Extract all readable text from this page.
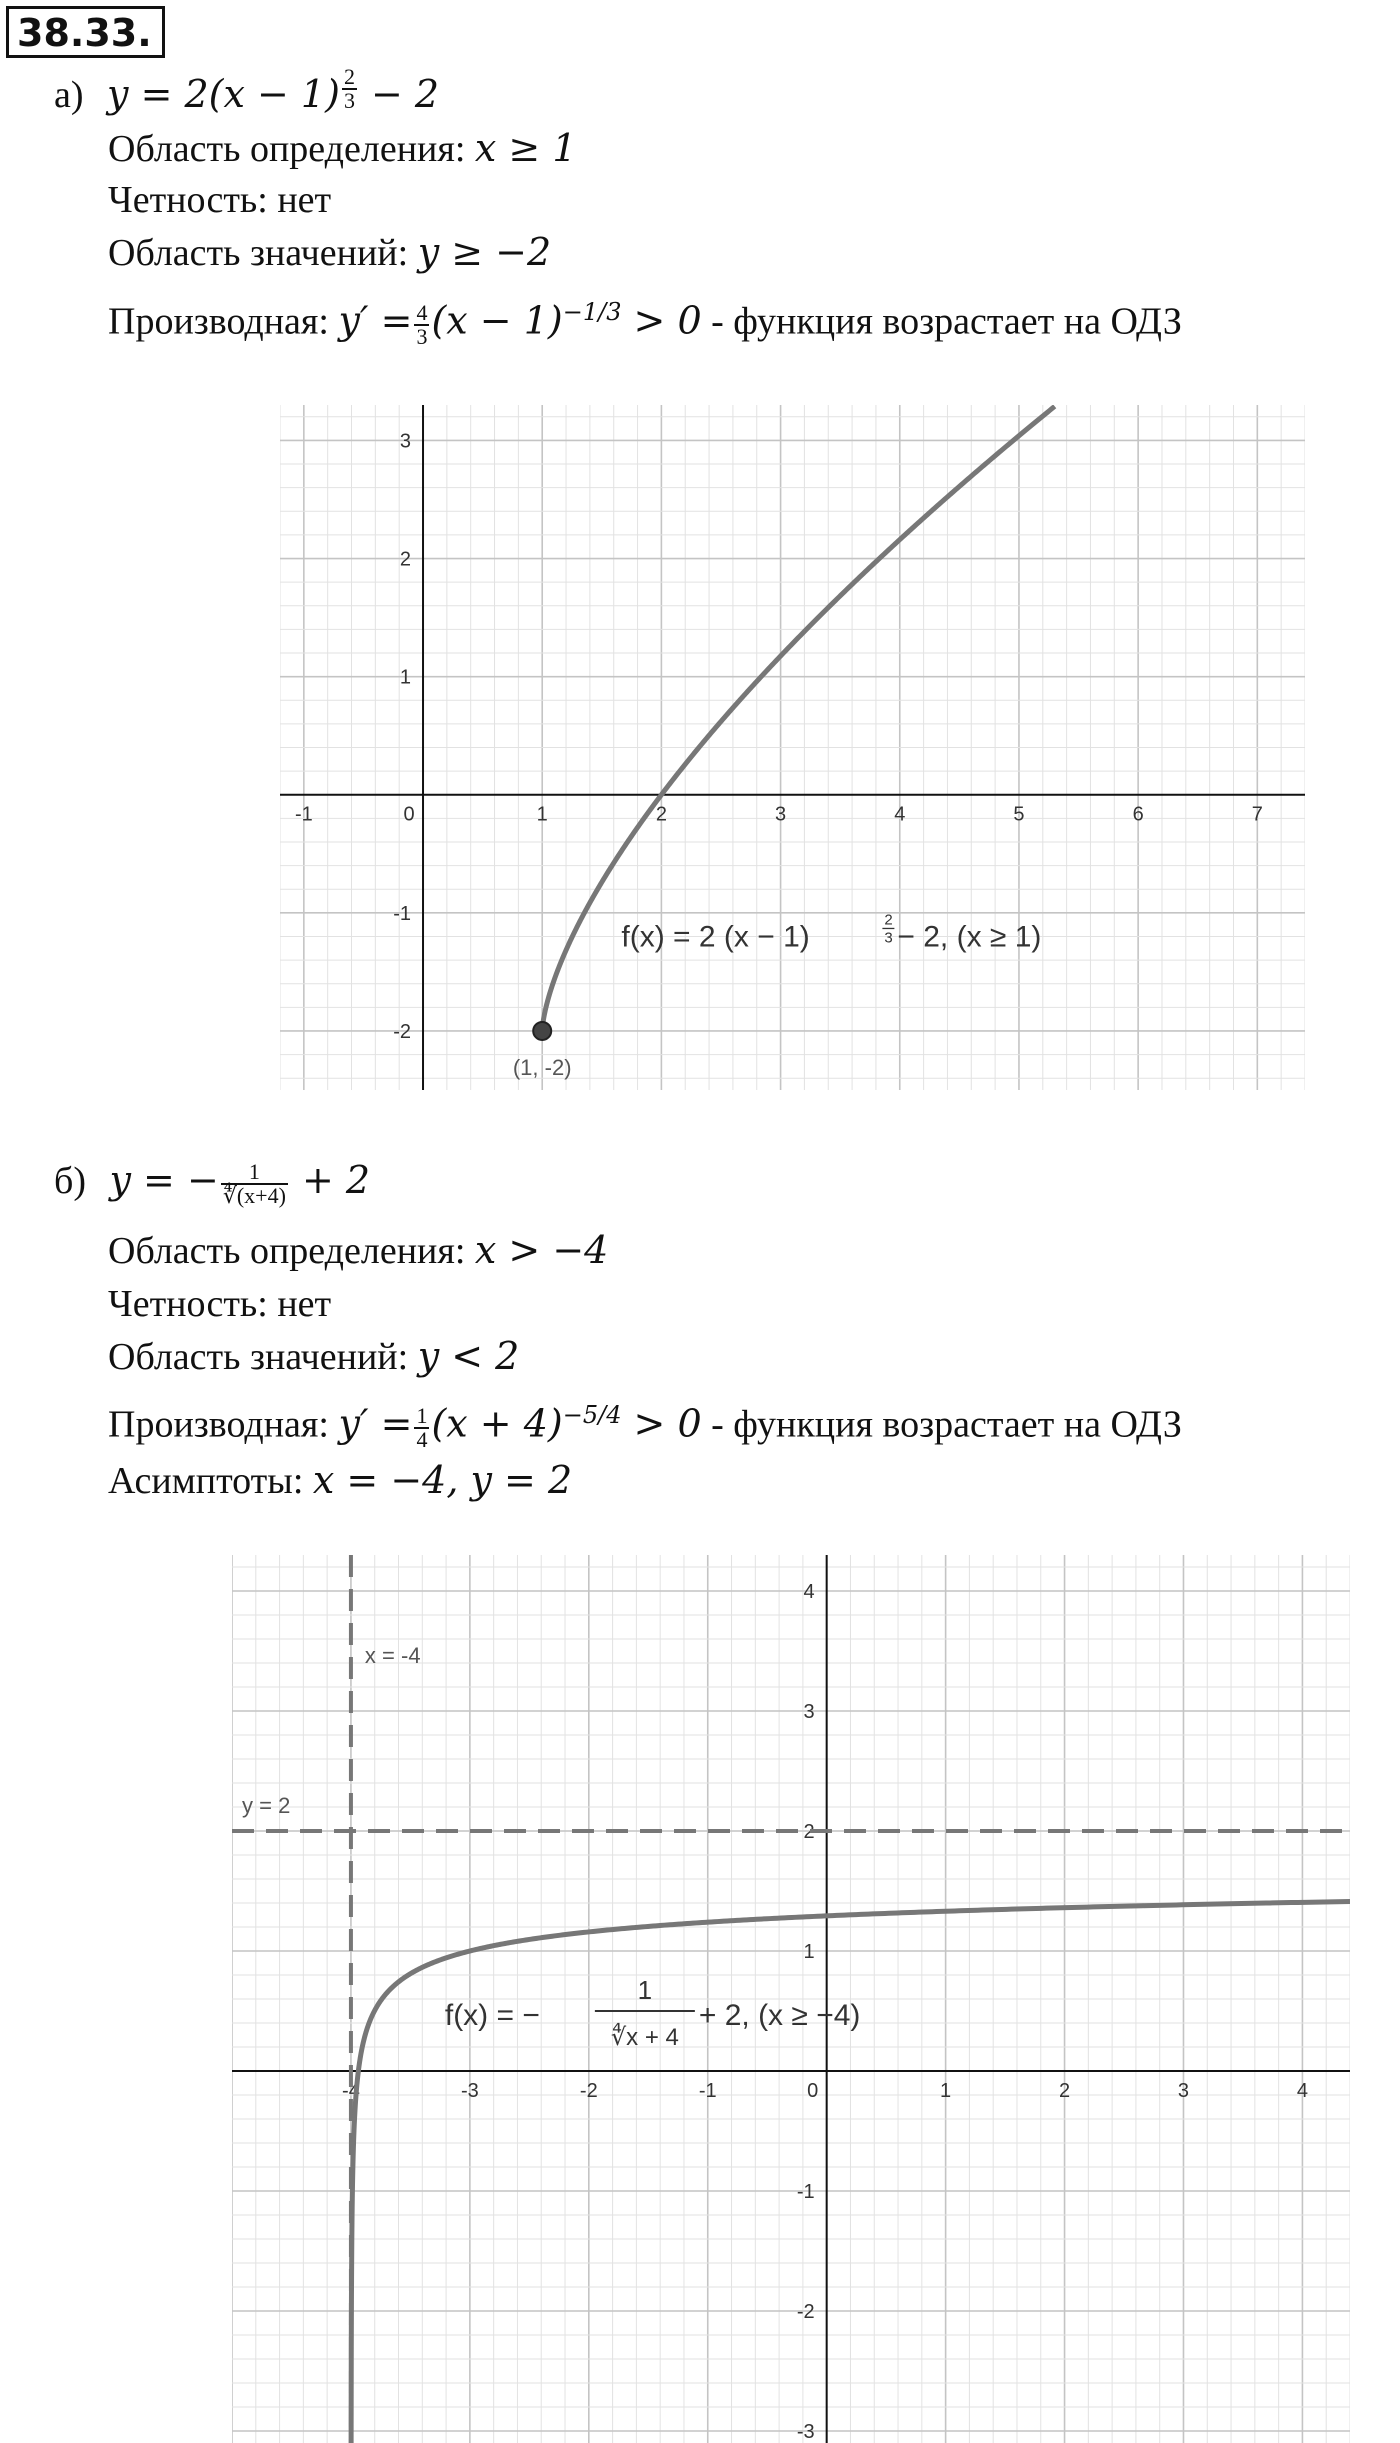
38.33.
а) $y = 2(x - 1) \frac{2}{3} - 2$
Область определения: x ≥ 1
Четность: нет
Область значений: y ≥ −2
Производная: $y' = \frac{4}{3} (x - 1)^{-1/3} > 0$ - функция возрастает на ОДЗ
-1	0	1	2	3	4	5	6	7
-2
-1
1
2
3
(1, -2)
f(x) = 2 (x − 1)
2
3 − 2, (x ≥ 1)
б) y = − $\frac{1}{∜(x+4)} + 2$
Область определения: x > −4
Четность: нет
Область значений: y < 2
Производная: $y' = \frac{1}{4} (x + 4)^{-5/4} > 0$ - функция возрастает на ОДЗ
Асимптоты: x = −4, y = 2
-4	-3	-2	-1	0	1	2	3	4
-3
-2
-1
1
2
3
4
x = -4
y = 2
f(x) = −
1
∜x + 4
+ 2, (x ≥ −4)
